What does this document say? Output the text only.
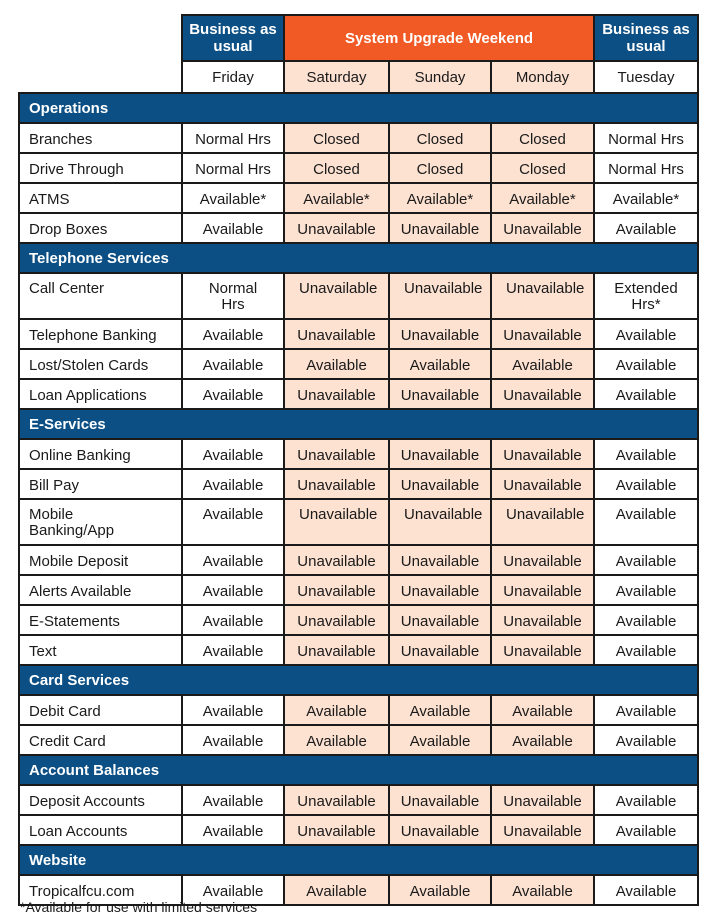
	Business as usual	System Upgrade Weekend			Business as usual
	Friday	Saturday	Sunday	Monday	Tuesday
Operations					
Branches	Normal Hrs	Closed	Closed	Closed	Normal Hrs
Drive Through	Normal Hrs	Closed	Closed	Closed	Normal Hrs
ATMS	Available*	Available*	Available*	Available*	Available*
Drop Boxes	Available	Unavailable	Unavailable	Unavailable	Available
Telephone Services					
Call Center	Normal Hrs	Unavailable	Unavailable	Unavailable	Extended Hrs*
Telephone Banking	Available	Unavailable	Unavailable	Unavailable	Available
Lost/Stolen Cards	Available	Available	Available	Available	Available
Loan Applications	Available	Unavailable	Unavailable	Unavailable	Available
E-Services					
Online Banking	Available	Unavailable	Unavailable	Unavailable	Available
Bill Pay	Available	Unavailable	Unavailable	Unavailable	Available
Mobile Banking/App	Available	Unavailable	Unavailable	Unavailable	Available
Mobile Deposit	Available	Unavailable	Unavailable	Unavailable	Available
Alerts Available	Available	Unavailable	Unavailable	Unavailable	Available
E-Statements	Available	Unavailable	Unavailable	Unavailable	Available
Text	Available	Unavailable	Unavailable	Unavailable	Available
Card Services					
Debit Card	Available	Available	Available	Available	Available
Credit Card	Available	Available	Available	Available	Available
Account Balances					
Deposit Accounts	Available	Unavailable	Unavailable	Unavailable	Available
Loan Accounts	Available	Unavailable	Unavailable	Unavailable	Available
Website					
Tropicalfcu.com	Available	Available	Available	Available	Available
*Available for use with limited services
